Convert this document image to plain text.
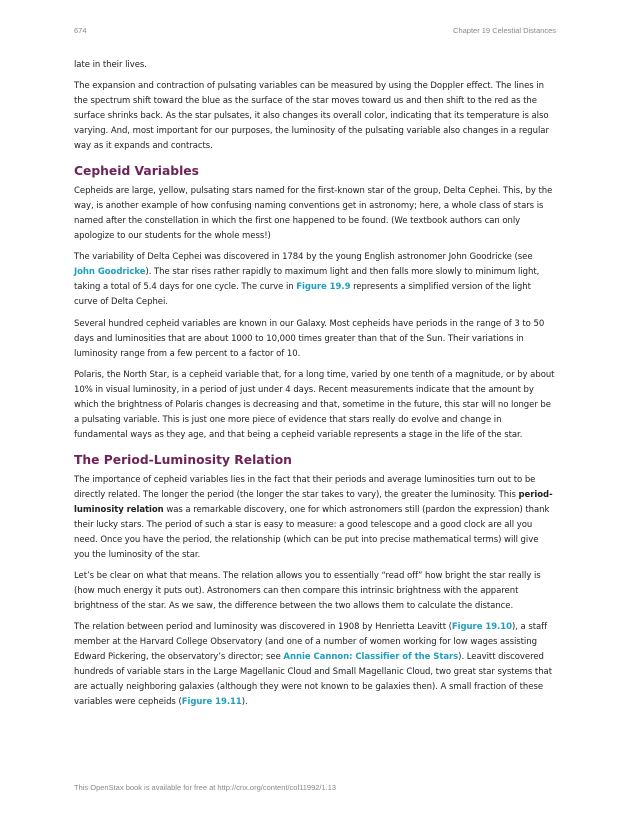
674	Chapter 19 Celestial Distances

late in their lives.

The expansion and contraction of pulsating variables can be measured by using the Doppler effect. The lines in the spectrum shift toward the blue as the surface of the star moves toward us and then shift to the red as the surface shrinks back. As the star pulsates, it also changes its overall color, indicating that its temperature is also varying. And, most important for our purposes, the luminosity of the pulsating variable also changes in a regular way as it expands and contracts.

Cepheid Variables

Cepheids are large, yellow, pulsating stars named for the first-known star of the group, Delta Cephei. This, by the way, is another example of how confusing naming conventions get in astronomy; here, a whole class of stars is named after the constellation in which the first one happened to be found. (We textbook authors can only apologize to our students for the whole mess!)

The variability of Delta Cephei was discovered in 1784 by the young English astronomer John Goodricke (see John Goodricke). The star rises rather rapidly to maximum light and then falls more slowly to minimum light, taking a total of 5.4 days for one cycle. The curve in Figure 19.9 represents a simplified version of the light curve of Delta Cephei.

Several hundred cepheid variables are known in our Galaxy. Most cepheids have periods in the range of 3 to 50 days and luminosities that are about 1000 to 10,000 times greater than that of the Sun. Their variations in luminosity range from a few percent to a factor of 10.

Polaris, the North Star, is a cepheid variable that, for a long time, varied by one tenth of a magnitude, or by about 10% in visual luminosity, in a period of just under 4 days. Recent measurements indicate that the amount by which the brightness of Polaris changes is decreasing and that, sometime in the future, this star will no longer be a pulsating variable. This is just one more piece of evidence that stars really do evolve and change in fundamental ways as they age, and that being a cepheid variable represents a stage in the life of the star.

The Period-Luminosity Relation

The importance of cepheid variables lies in the fact that their periods and average luminosities turn out to be directly related. The longer the period (the longer the star takes to vary), the greater the luminosity. This period-luminosity relation was a remarkable discovery, one for which astronomers still (pardon the expression) thank their lucky stars. The period of such a star is easy to measure: a good telescope and a good clock are all you need. Once you have the period, the relationship (which can be put into precise mathematical terms) will give you the luminosity of the star.

Let’s be clear on what that means. The relation allows you to essentially “read off” how bright the star really is (how much energy it puts out). Astronomers can then compare this intrinsic brightness with the apparent brightness of the star. As we saw, the difference between the two allows them to calculate the distance.

The relation between period and luminosity was discovered in 1908 by Henrietta Leavitt (Figure 19.10), a staff member at the Harvard College Observatory (and one of a number of women working for low wages assisting Edward Pickering, the observatory’s director; see Annie Cannon: Classifier of the Stars). Leavitt discovered hundreds of variable stars in the Large Magellanic Cloud and Small Magellanic Cloud, two great star systems that are actually neighboring galaxies (although they were not known to be galaxies then). A small fraction of these variables were cepheids (Figure 19.11).

This OpenStax book is available for free at http://cnx.org/content/col11992/1.13
